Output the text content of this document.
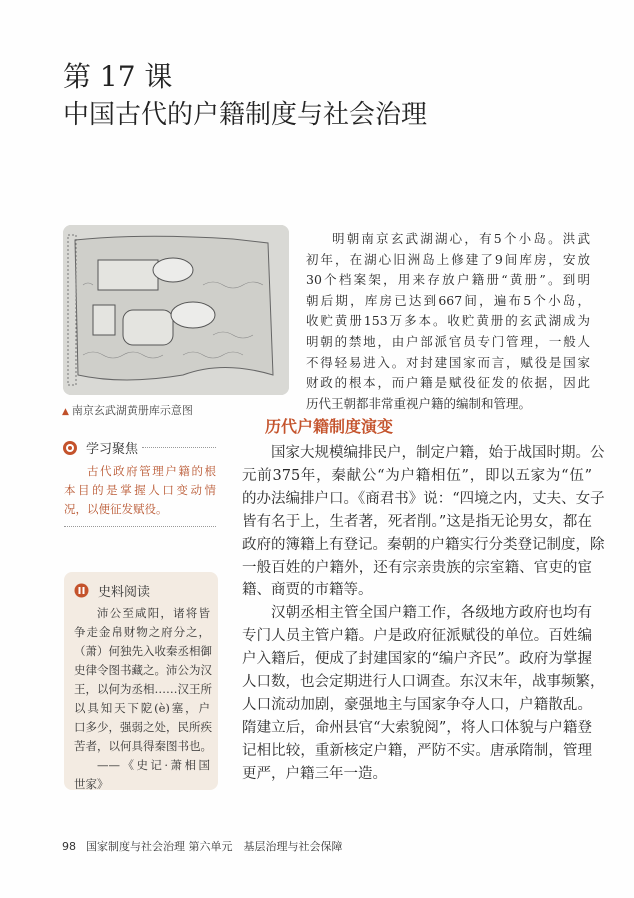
第 17 课
中国古代的户籍制度与社会治理
▲ 南京玄武湖黄册库示意图
明朝南京玄武湖湖心，有5个小岛。洪武
初年，在湖心旧洲岛上修建了9间库房，安放
30个档案架，用来存放户籍册“黄册”。到明
朝后期，库房已达到667间，遍布5个小岛，
收贮黄册153万多本。收贮黄册的玄武湖成为
明朝的禁地，由户部派官员专门管理，一般人
不得轻易进入。对封建国家而言，赋役是国家
财政的根本，而户籍是赋役征发的依据，因此
历代王朝都非常重视户籍的编制和管理。
历代户籍制度演变
国家大规模编排民户，制定户籍，始于战国时期。公
元前375年，秦献公“为户籍相伍”，即以五家为“伍”
的办法编排户口。《商君书》说：“四境之内，丈夫、女子
皆有名于上，生者著，死者削。”这是指无论男女，都在
政府的簿籍上有登记。秦朝的户籍实行分类登记制度，除
一般百姓的户籍外，还有宗亲贵族的宗室籍、官吏的宦
籍、商贾的市籍等。
汉朝丞相主管全国户籍工作，各级地方政府也均有
专门人员主管户籍。户是政府征派赋役的单位。百姓编
户入籍后，便成了封建国家的“编户齐民”。政府为掌握
人口数，也会定期进行人口调查。东汉末年，战事频繁，
人口流动加剧，豪强地主与国家争夺人口，户籍散乱。
隋建立后，命州县官“大索貌阅”，将人口体貌与户籍登
记相比较，重新核定户籍，严防不实。唐承隋制，管理
更严，户籍三年一造。
学习聚焦
古代政府管理户籍的根
本目的是掌握人口变动情
况，以便征发赋役。
史料阅读
沛公至咸阳，诸将皆
争走金帛财物之府分之，
（萧）何独先入收秦丞相御
史律令图书藏之。沛公为汉
王，以何为丞相……汉王所
以具知天下阸(è)塞，户
口多少，强弱之处，民所疾
苦者，以何具得秦图书也。
——《史记·萧相国
世家》
98 国家制度与社会治理 第六单元　基层治理与社会保障
